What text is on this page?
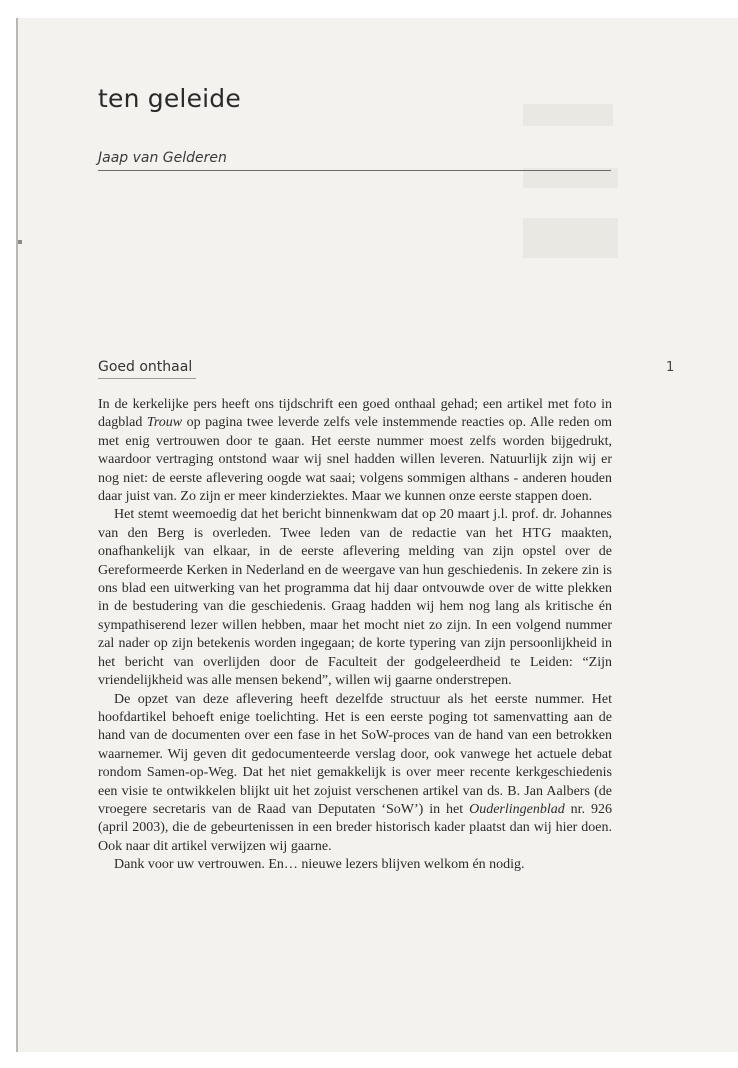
ten geleide
Jaap van Gelderen
Goed onthaal	1

In de kerkelijke pers heeft ons tijdschrift een goed onthaal gehad; een artikel met foto in dagblad Trouw op pagina twee leverde zelfs vele instemmende reacties op. Alle reden om met enig vertrouwen door te gaan. Het eerste nummer moest zelfs worden bijgedrukt, waardoor vertraging ontstond waar wij snel hadden willen leveren. Natuurlijk zijn wij er nog niet: de eerste aflevering oogde wat saai; volgens sommigen althans - anderen houden daar juist van. Zo zijn er meer kinderziektes. Maar we kunnen onze eerste stappen doen.

Het stemt weemoedig dat het bericht binnenkwam dat op 20 maart j.l. prof. dr. Johannes van den Berg is overleden. Twee leden van de redactie van het HTG maakten, onafhankelijk van elkaar, in de eerste aflevering melding van zijn opstel over de Gereformeerde Kerken in Nederland en de weergave van hun geschiedenis. In zekere zin is ons blad een uitwerking van het programma dat hij daar ontvouwde over de witte plekken in de bestudering van die geschiedenis. Graag hadden wij hem nog lang als kritische én sympathiserend lezer willen hebben, maar het mocht niet zo zijn. In een volgend nummer zal nader op zijn betekenis worden ingegaan; de korte typering van zijn persoonlijkheid in het bericht van overlijden door de Faculteit der godgeleerdheid te Leiden: “Zijn vriendelijkheid was alle mensen bekend”, willen wij gaarne onderstrepen.

De opzet van deze aflevering heeft dezelfde structuur als het eerste nummer. Het hoofdartikel behoeft enige toelichting. Het is een eerste poging tot samenvatting aan de hand van de documenten over een fase in het SoW-proces van de hand van een betrokken waarnemer. Wij geven dit gedocumenteerde verslag door, ook vanwege het actuele debat rondom Samen-op-Weg. Dat het niet gemakkelijk is over meer recente kerkgeschiedenis een visie te ontwikkelen blijkt uit het zojuist verschenen artikel van ds. B. Jan Aalbers (de vroegere secretaris van de Raad van Deputaten ‘SoW’) in het Ouderlingenblad nr. 926 (april 2003), die de gebeurtenissen in een breder historisch kader plaatst dan wij hier doen. Ook naar dit artikel verwijzen wij gaarne.

Dank voor uw vertrouwen. En… nieuwe lezers blijven welkom én nodig.
